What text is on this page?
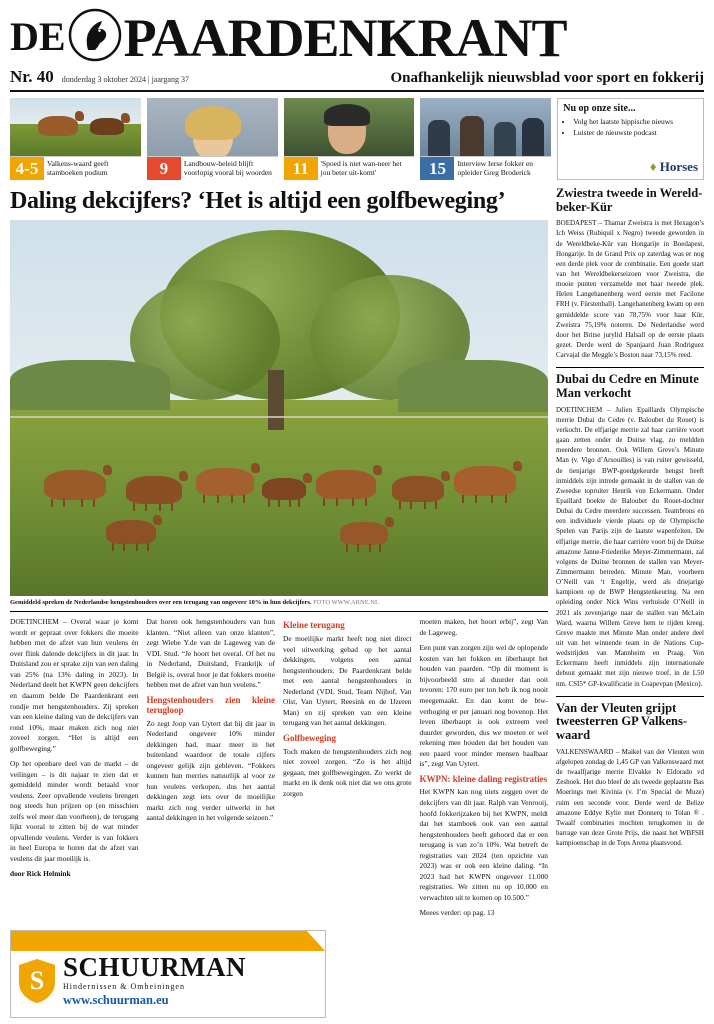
DE PAARDENKRANT
Nr. 40 donderdag 3 oktober 2024 | jaargang 37	Onafhankelijk nieuwsblad voor sport en fokkerij
4-5	Valkens-waard geeft stamboeken podium	9	Landbouw-beleid blijft voorlopig vooral bij woorden	11	'Spoed is niet wan-neer het jou beter uit-komt'	15	Interview Ierse fokker en opleider Greg Broderick
Nu op onze site...
• Volg het laatste hippische nieuws
• Luister de nieuwste podcast
♦ Horses
Daling dekcijfers? ‘Het is altijd een golfbeweging’
Gemiddeld spreken de Nederlandse hengstenhouders over een terugang van ongeveer 10% in hun dekcijfers. FOTO WWW.ARNE.NL

DOETINCHEM – Overal waar je komt wordt er gepraat over fokkers die moeite hebben met de afzet van hun veulens én over flink dalende dekcijfers in dit jaar. In Duitsland zou er sprake zijn van een daling van 25% (na 13% daling in 2023). In Nederland deelt het KWPN geen dekcijfers en daarom belde De Paardenkrant een rondje met hengstenhouders. Zij spreken van een kleine daling van de dekcijfers van rond 10%, maar maken zich nog niet zoveel zorgen. “Het is altijd een golfbeweging.”

Op het openbare deel van de markt – de veilingen – is dit najaar te zien dat er gemiddeld minder wordt betaald voor veulens. Zeer opvallende veulens brengen nog steeds hun prijzen op (en misschien zelfs wel meer dan voorheen), de terugang lijkt vooral te zitten bij de wat minder opvallende veulens. Verder is van fokkers in heel Europa te horen dat de afzet van veulens dit jaar moeilijk is.

door Rick Helmink

Dat horen ook hengstenhouders van hun klanten. “Niet alleen van onze klanten”, zegt Wiebe Y.de van de Lageweg van de VDL Stud. “Je hoort het overal. Of het nu in Nederland, Duitsland, Frankrijk of België is, overal hoor je dat fokkers moeite hebben met de afzet van hun veulens.”

Hengstenhouders zien kleine terugloop

Zo zegt Joop van Uytert dat hij dit jaar in Nederland ongeveer 10% minder dekkingen had, maar meer in het buitenland waardoor de totale cijfers ongeveer gelijk zijn gebleven. “Fokkers kunnen hun merries natuurlijk al voor ze hun veulens verkopen, dus het aantal dekkingen zegt iets over de moeilijke markt zich nog verder uitwerkt in het aantal dekkingen in het volgende seizoen.”

Kleine terugang

De moeilijke markt heeft nog niet direct veel uitwerking gehad op het aantal dekkingen, volgens een aantal hengstenhouders. De Paardenkrant belde met een aantal hengstenhouders in Nederland (VDL Stud, Team Nijhof, Van Olst, Van Uytert, Reesink en de IJzeren Man) en zij spreken van een kleine terugang van het aantal dekkingen.

Golfbeweging

Toch maken de hengstenhouders zich nog niet zoveel zorgen. “Zo is het altijd gegaan, met golfbewegingen. Zo werkt de markt en ik denk ook niet dat we ons grote zorgen

moeten maken, het hoort erbij”, zegt Van de Lageweg.

Een punt van zorgen zijn wel de oplopende kosten van het fokken en überhaupt het houden van paarden. “Op dit moment is bijvoorbeeld stro al duurder dan ooit tevoren: 170 euro per ton heb ik nog nooit meegemaakt. En dan komt de btw-verhoging er per januari nog bovenop. Het leven überhaupt is ook extreem veel duurder geworden, dus we moeten er wel rekening mee houden dat het houden van een paard voor minder mensen haalbaar is”, zegt Van Uytert.

KWPN: kleine daling registraties

Het KWPN kan nog niets zeggen over de dekcijfers van dit jaar. Ralph van Venrooij, hoofd fokkerijzaken bij het KWPN, meldt dat het stamboek ook van een aantal hengstenhouders heeft gehoord dat er een terugang is van zo’n 10%. Wat betreft de registraties van 2024 (ten opzichte van 2023) was er ook een kleine daling. “In 2023 had het KWPN ongeveer 11.000 registraties. We zitten nu op 10.000 en verwachten uit te komen op 10.500.”

Meees verder: op pag. 13
Zwiestra tweede in Wereld-beker-Kür

BOEDAPEST – Thamar Zweistra is met Hexagon’s Ich Weiss (Rubiquil x Negro) tweede geworden in de Wereldbeke-Kür van Hongarije in Boedapest, Hongarije. In de Grand Prix op zaterdag was er nog een derde plek voor de combinatie. Een goede start van het Wereldbekerseizoen voor Zweistra, die mooie punten verzamelde met haar tweede plek. Helen Langehanenberg werd eerste met Facilone FRH (v. Fürstenball). Langehanenberg kwam op een gemiddelde score van 78,75% voor haar Kür, Zweistra 75,19% noteren. De Nederlandse werd door het Britse jurylid Halsall op de eerste plaats gezet. Derde werd de Spanjaard Juan Rodriguez Carvajal die Meggle’s Boston naar 73,15% reed.

Dubai du Cedre en Minute Man verkocht

DOETINCHEM – Julien Epaillards Olympische merrie Dubai du Cedre (v. Baloubet du Rouet) is verkocht. De elfjarige merrie zal haar carrière voort gaan zetten onder de Duitse vlag, zo meldden meerdere bronnen. Ook Willem Greve’s Minute Man (v. Vigo d’Arsouilles) is van ruiter gewisseld, de tienjarige BWP-goedgekeurde hengst heeft inmiddels zijn intrede gemaakt in de stallen van de Zweedse topruiter Henrik von Eckermann. Onder Epaillard boekte de Baloubet du Rouet-dochter Dubai du Cedre meerdere successen. Teambrons en een individuele vierde plaats op de Olympische Spelen van Parijs zijn de laatste wapenfeiten. De elfjarige merrie, die haar carrière voort bij de Duitse amazone Janne-Friederike Meyer-Zimmermann, zal volgens de Duitse bronnen de stallen van Meyer-Zimmermann betreden. Minute Man, voorheen O’Neill van ‘t Engeltje, werd als driejarige kampioen op de BWP Hengstenkeuring. Na een opleiding onder Nick Wins verhuisde O’Neill in 2021 als zevenjarige naar de stallen van McLain Ward, waarna Willem Greve hem te rijden kreeg. Greve maakte met Minute Man onder andere deel uit van het winnende team in de Nations Cup-wedstrijden van Mannheim en Praag. Von Eckermann heeft inmiddels zijn internationale debuut gemaakt met zijn nieuwe troef, in de L50 nm. CSI5* GP-kwalificatie in Coapevpan (Mexico).

Van der Vleuten grijpt tweesterren GP Valkens-waard

VALKENSWAARD – Maikel van der Vleuten won afgelopen zondag de 1,45 GP van Valkenswaard met de twaalfjarige merrie Elvakke Iv Eldorado vd Zeshoek. Het duo bleef de als tweede geplaatste Bas Moerings met Kivinia (v. I’m Special de Muze) ruim een seconde voor. Derde werd de Belize amazone Eddye Kylie met Donnerq to Tolan ® . Twaalf combinaties mochten terugkomen in de barrage van deze Grote Prijs, die naast het WBFSH kampioenschap in de Tops Arena plaatsvond.

S SCHUURMAN
Hindernissen & Omheiningen
www.schuurman.eu
